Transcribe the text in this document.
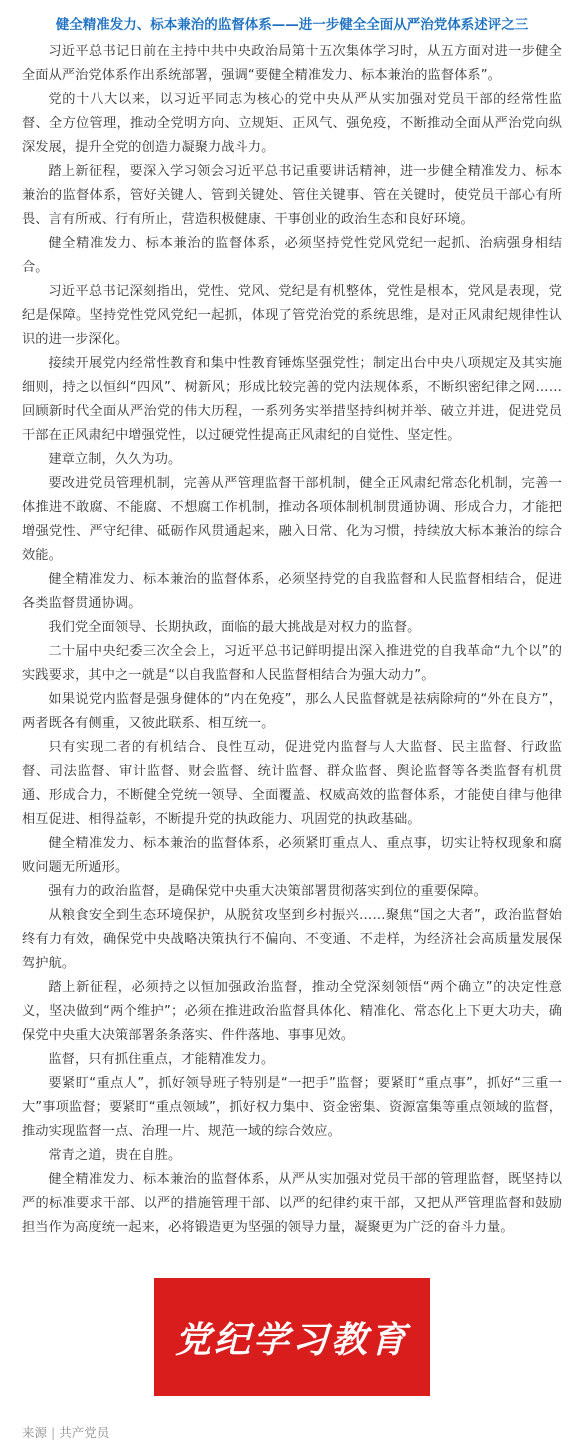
健全精准发力、标本兼治的监督体系——进一步健全全面从严治党体系述评之三

习近平总书记日前在主持中共中央政治局第十五次集体学习时，从五方面对进一步健全全面从严治党体系作出系统部署，强调“要健全精准发力、标本兼治的监督体系”。

党的十八大以来，以习近平同志为核心的党中央从严从实加强对党员干部的经常性监督、全方位管理，推动全党明方向、立规矩、正风气、强免疫，不断推动全面从严治党向纵深发展，提升全党的创造力凝聚力战斗力。

踏上新征程，要深入学习领会习近平总书记重要讲话精神，进一步健全精准发力、标本兼治的监督体系，管好关键人、管到关键处、管住关键事、管在关键时，使党员干部心有所畏、言有所戒、行有所止，营造积极健康、干事创业的政治生态和良好环境。

健全精准发力、标本兼治的监督体系，必须坚持党性党风党纪一起抓、治病强身相结合。

习近平总书记深刻指出，党性、党风、党纪是有机整体，党性是根本，党风是表现，党纪是保障。坚持党性党风党纪一起抓，体现了管党治党的系统思维，是对正风肃纪规律性认识的进一步深化。

接续开展党内经常性教育和集中性教育锤炼坚强党性；制定出台中央八项规定及其实施细则，持之以恒纠“四风”、树新风；形成比较完善的党内法规体系，不断织密纪律之网……回顾新时代全面从严治党的伟大历程，一系列务实举措坚持纠树并举、破立并进，促进党员干部在正风肃纪中增强党性，以过硬党性提高正风肃纪的自觉性、坚定性。

建章立制，久久为功。

要改进党员管理机制，完善从严管理监督干部机制，健全正风肃纪常态化机制，完善一体推进不敢腐、不能腐、不想腐工作机制，推动各项体制机制贯通协调、形成合力，才能把增强党性、严守纪律、砥砺作风贯通起来，融入日常、化为习惯，持续放大标本兼治的综合效能。

健全精准发力、标本兼治的监督体系，必须坚持党的自我监督和人民监督相结合，促进各类监督贯通协调。

我们党全面领导、长期执政，面临的最大挑战是对权力的监督。

二十届中央纪委三次全会上，习近平总书记鲜明提出深入推进党的自我革命“九个以”的实践要求，其中之一就是“以自我监督和人民监督相结合为强大动力”。

如果说党内监督是强身健体的“内在免疫”，那么人民监督就是祛病除疴的“外在良方”，两者既各有侧重，又彼此联系、相互统一。

只有实现二者的有机结合、良性互动，促进党内监督与人大监督、民主监督、行政监督、司法监督、审计监督、财会监督、统计监督、群众监督、舆论监督等各类监督有机贯通、形成合力，不断健全党统一领导、全面覆盖、权威高效的监督体系，才能使自律与他律相互促进、相得益彰，不断提升党的执政能力、巩固党的执政基础。

健全精准发力、标本兼治的监督体系，必须紧盯重点人、重点事，切实让特权现象和腐败问题无所遁形。

强有力的政治监督，是确保党中央重大决策部署贯彻落实到位的重要保障。

从粮食安全到生态环境保护，从脱贫攻坚到乡村振兴……聚焦“国之大者”，政治监督始终有力有效，确保党中央战略决策执行不偏向、不变通、不走样，为经济社会高质量发展保驾护航。

踏上新征程，必须持之以恒加强政治监督，推动全党深刻领悟“两个确立”的决定性意义，坚决做到“两个维护”；必须在推进政治监督具体化、精准化、常态化上下更大功夫，确保党中央重大决策部署条条落实、件件落地、事事见效。

监督，只有抓住重点，才能精准发力。

要紧盯“重点人”，抓好领导班子特别是“一把手”监督；要紧盯“重点事”，抓好“三重一大”事项监督；要紧盯“重点领域”，抓好权力集中、资金密集、资源富集等重点领域的监督，推动实现监督一点、治理一片、规范一域的综合效应。

常青之道，贵在自胜。

健全精准发力、标本兼治的监督体系，从严从实加强对党员干部的管理监督，既坚持以严的标准要求干部、以严的措施管理干部、以严的纪律约束干部，又把从严管理监督和鼓励担当作为高度统一起来，必将锻造更为坚强的领导力量，凝聚更为广泛的奋斗力量。

党纪学习教育
来源 | 共产党员
